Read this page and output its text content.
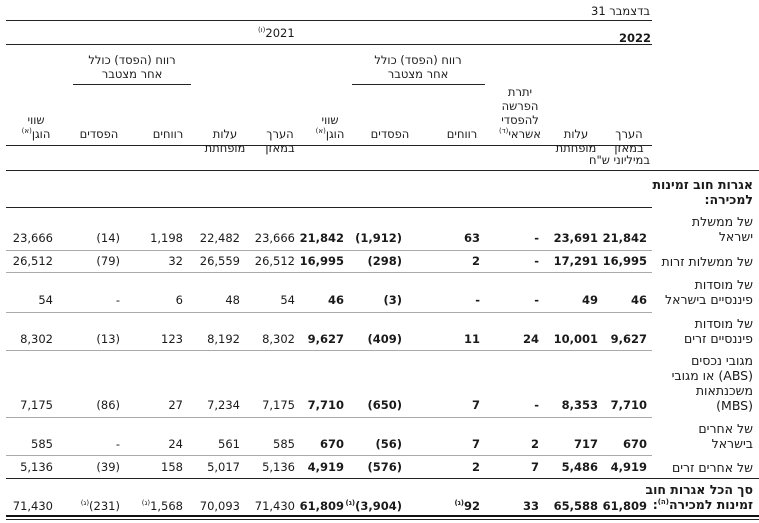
31 בדצמבר
2022
$^{(ו)}$2021
רווח (הפסד) כולל
אחר מצטבר
רווח (הפסד) כולל
אחר מצטבר
הערך
במאזן
עלות
מופחתת
יתרת
הפרשה
להפסדי
אשראי$^{(ד)}$
רווחים
הפסדים
שווי
הוגן$^{(א)}$
הערך
במאזן
עלות
מופחתת
רווחים
הפסדים
שווי
הוגן$^{(א)}$
במיליוני ש"ח
אגרות חוב זמינות
למכירה:
של ממשלת
ישראל
21,842
23,691
-
63
(1,912)
21,842
23,666
22,482
1,198
(14)
23,666
של ממשלות זרות
16,995
17,291
-
2
(298)
16,995
26,512
26,559
32
(79)
26,512
של מוסדות
פיננסיים בישראל
46
49
-
-
(3)
46
54
48
6
-
54
של מוסדות
פיננסיים זרים
9,627
10,001
24
11
(409)
9,627
8,302
8,192
123
(13)
8,302
מגובי נכסים
(ABS) או מגובי
משכנתאות
(MBS)
7,710
8,353
-
7
(650)
7,710
7,175
7,234
27
(86)
7,175
של אחרים
בישראל
670
717
2
7
(56)
670
585
561
24
-
585
של אחרים זרים
4,919
5,486
7
2
(576)
4,919
5,136
5,017
158
(39)
5,136
סך הכל אגרות חוב
זמינות למכירה$^{(ה)}$:
61,809
65,588
33
$^{(ג)}$92
$^{(ג)}$(3,904)
61,809
71,430
70,093
$^{(ג)}$1,568
$^{(ג)}$(231)
71,430
